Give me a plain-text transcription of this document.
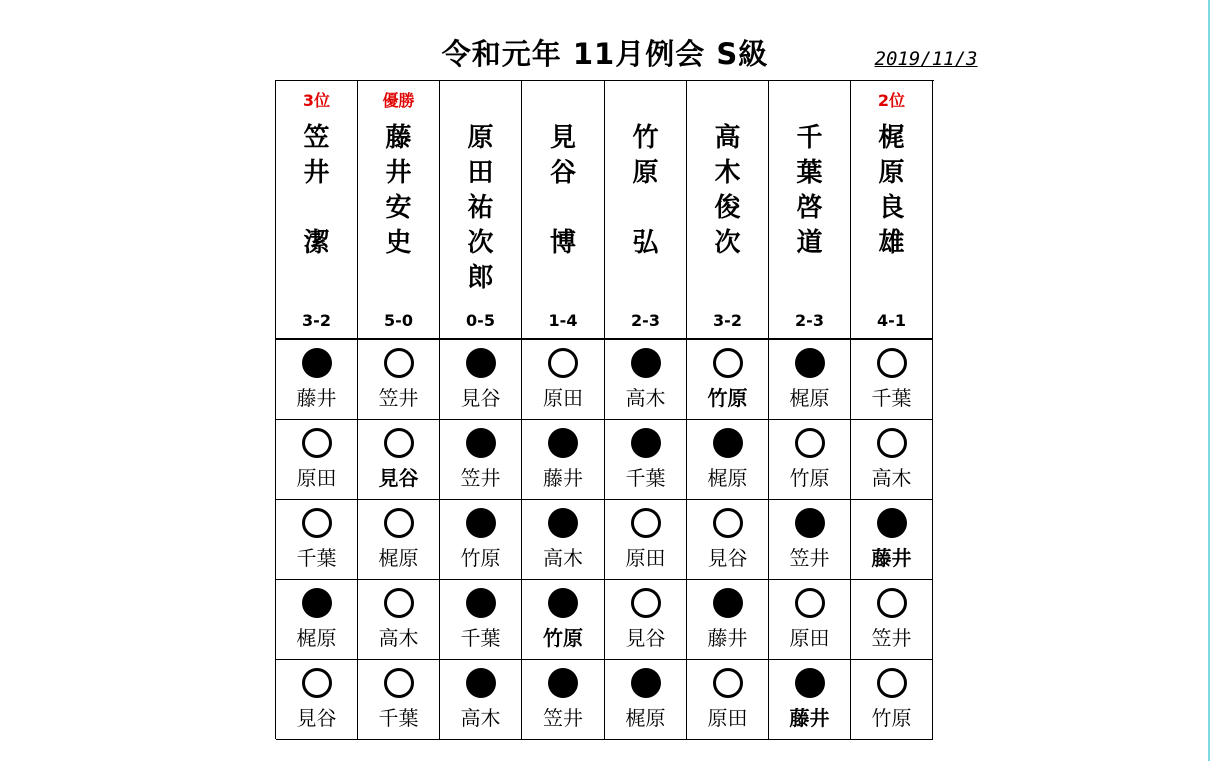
令和元年 11月例会 S級	2019/11/3
3位
笠
井
潔
3-2
藤井
原田
千葉
梶原
見谷
優勝
藤
井
安
史
5-0
笠井
見谷
梶原
高木
千葉
原
田
祐
次
郎
0-5
見谷
笠井
竹原
千葉
高木
見
谷
博
1-4
原田
藤井
高木
竹原
笠井
竹
原
弘
2-3
高木
千葉
原田
見谷
梶原
高
木
俊
次
3-2
竹原
梶原
見谷
藤井
原田
千
葉
啓
道
2-3
梶原
竹原
笠井
原田
藤井
2位
梶
原
良
雄
4-1
千葉
高木
藤井
笠井
竹原
